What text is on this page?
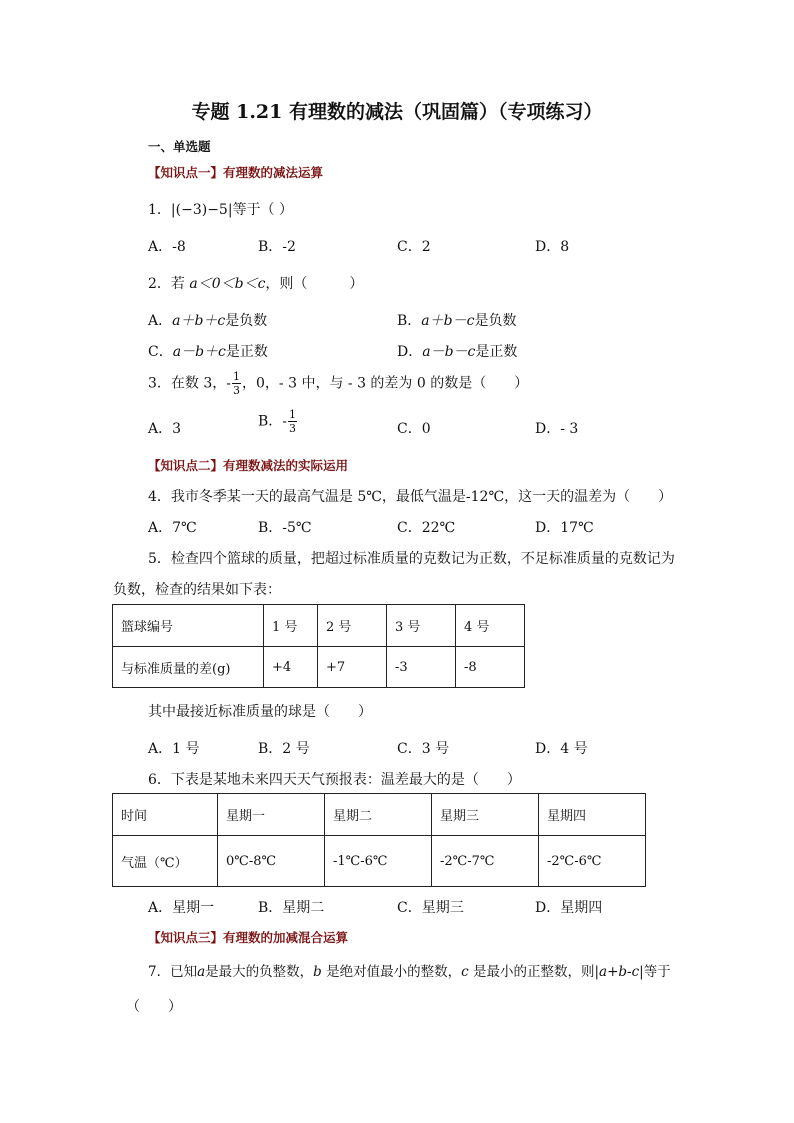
专题 1.21 有理数的减法（巩固篇）（专项练习）
一、单选题
【知识点一】有理数的减法运算
1．|(−3)−5|等于（ ）
A．-8	B．-2	C．2	D．8
2．若 a＜0＜b＜c，则（　　　）
A．a＋b＋c是负数	B．a＋b－c是负数
C．a－b＋c是正数	D．a－b－c是正数
3．在数 3，- $\frac{1}{3}$ ，0，- 3 中，与 - 3 的差为 0 的数是（　　）
A．3	B．- $\frac{1}{3}$	C．0	D．- 3
【知识点二】有理数减法的实际运用
4．我市冬季某一天的最高气温是 5℃，最低气温是-12℃，这一天的温差为（　　）
A．7℃	B．-5℃	C．22℃	D．17℃
5．检查四个篮球的质量，把超过标准质量的克数记为正数，不足标准质量的克数记为
负数，检查的结果如下表：
篮球编号	1 号	2 号	3 号	4 号
与标准质量的差(g)	+4	+7	-3	-8
其中最接近标准质量的球是（　　）
A．1 号	B．2 号	C．3 号	D．4 号
6．下表是某地未来四天天气预报表：温差最大的是（　　）
时间	星期一	星期二	星期三	星期四
气温（℃）	0℃-8℃	-1℃-6℃	-2℃-7℃	-2℃-6℃
A．星期一	B．星期二	C．星期三	D．星期四
【知识点三】有理数的加减混合运算
7．已知a是最大的负整数，b 是绝对值最小的整数，c 是最小的正整数，则|a+b-c|等于
（　　）
